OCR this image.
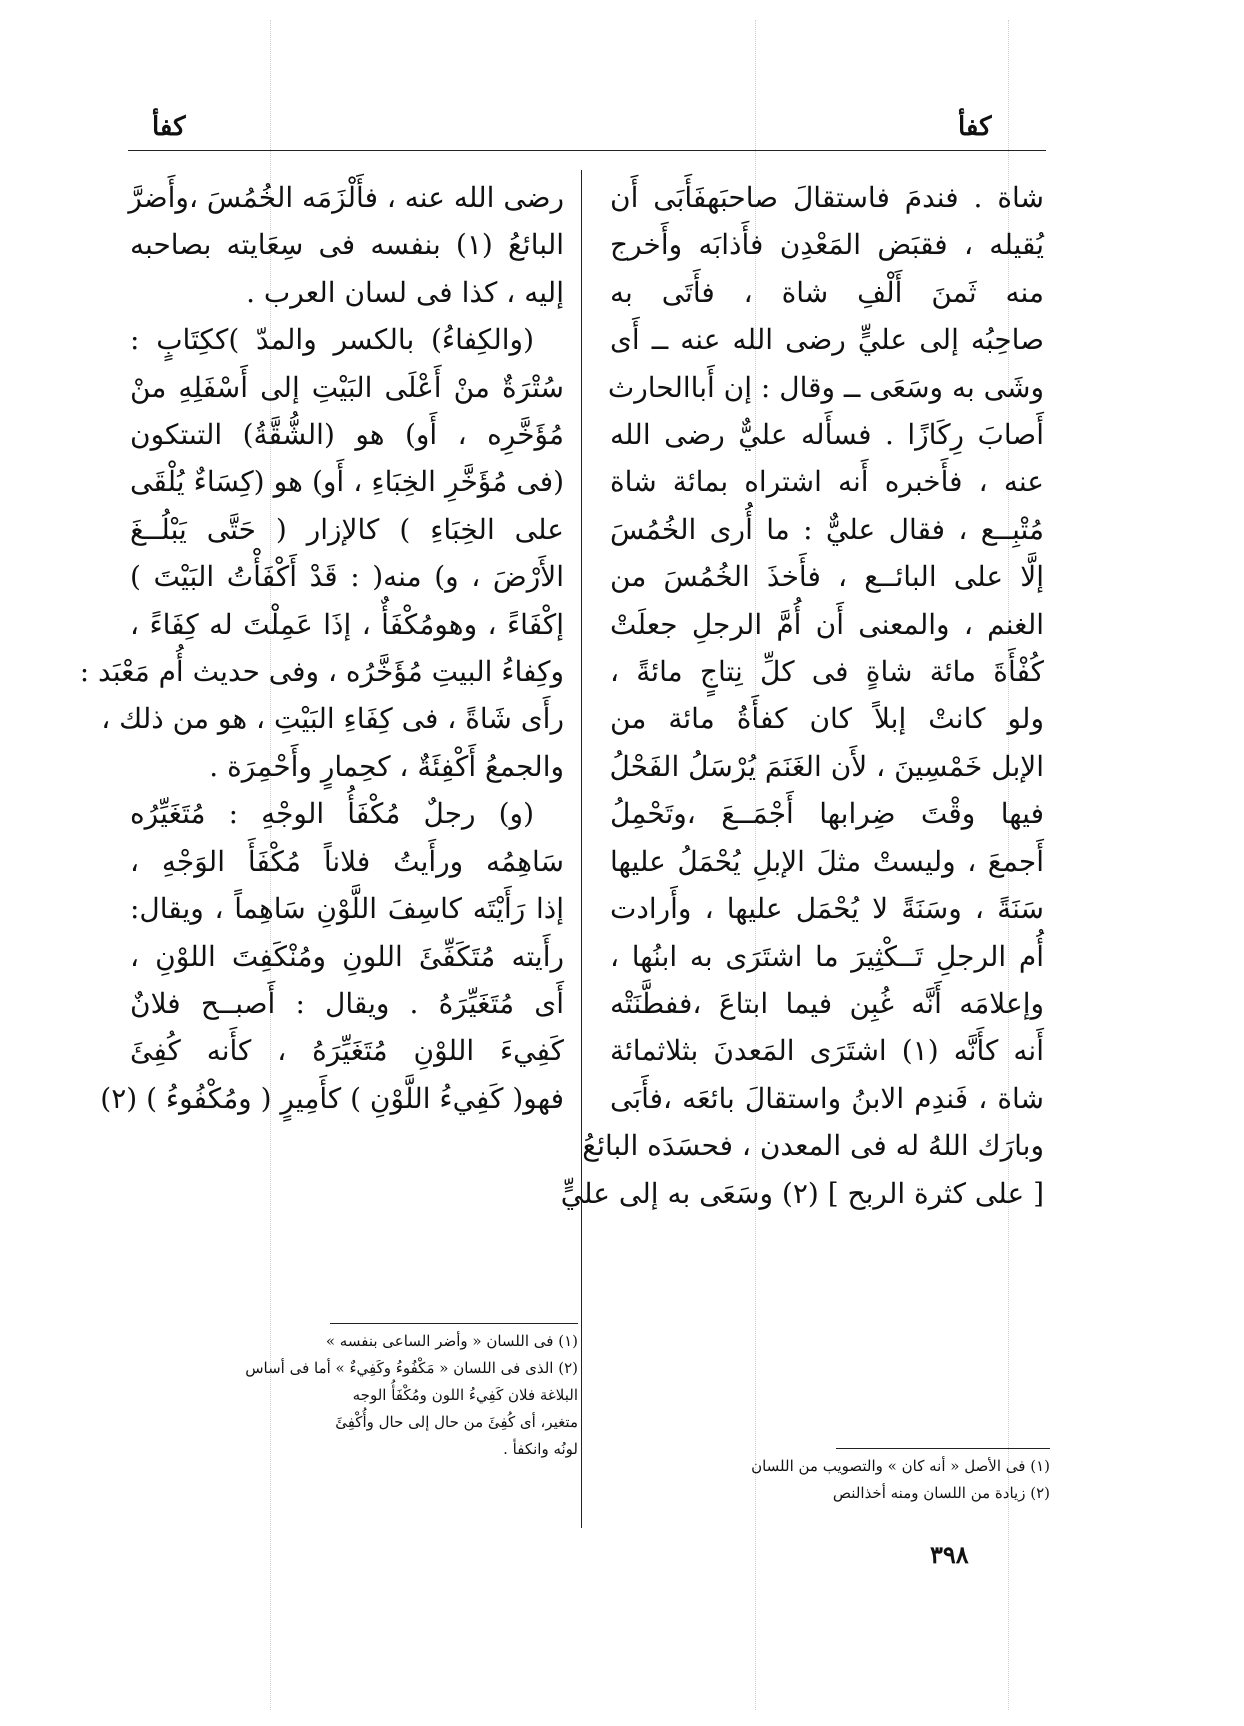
كفأ
كفأ
شاة . فندمَ فاستقالَ صاحبَهفَأَبَى أَن
يُقيله ، فقبَض المَعْدِن فأَذابَه وأَخرج
منه ثَمنَ أَلْفِ شاة ، فأَتَى به
صاحِبُه إلى عليٍّ رضى الله عنه ــ أَى
وشَى به وسَعَى ــ وقال : إن أَباالحارث
أَصابَ رِكَازًا . فسأَله عليٌّ رضى الله
عنه ، فأَخبره أَنه اشتراه بمائة شاة
مُتْبِــع ، فقال عليٌّ : ما أُرى الخُمُسَ
إلَّا على البائــع ، فأَخذَ الخُمُسَ من
الغنم ، والمعنى أَن أُمَّ الرجلِ جعلَتْ
كُفْأَةَ مائة شاةٍ فى كلِّ نِتاجٍ مائةً ،
ولو كانتْ إبلاً كان كفأَةُ مائة من
الإبل خَمْسِينَ ، لأَن الغَنَمَ يُرْسَلُ الفَحْلُ
فيها وقْتَ ضِرابها أَجْمَــعَ ،وتَحْمِلُ
أَجمعَ ، وليستْ مثلَ الإبلِ يُحْمَلُ عليها
سَنَةً ، وسَنَةً لا يُحْمَل عليها ، وأَرادت
أُم الرجلِ تَــكْثِيرَ ما اشتَرَى به ابنُها ،
وإعلامَه أَنَّه غُبِن فيما ابتاعَ ،ففطَّنَتْه
أَنه كأَنَّه (١) اشتَرَى المَعدنَ بثلاثمائة
شاة ، فَندِم الابنُ واستقالَ بائعَه ،فأَبَى
وبارَك اللهُ له فى المعدن ، فحسَدَه البائعُ
[ على كثرة الربح ] (٢) وسَعَى به إلى عليٍّ
(١) فى الأصل « أنه كان » والتصويب من اللسان
(٢) زيادة من اللسان ومنه أخذالنص
رضى الله عنه ، فأَلْزَمَه الخُمُسَ ،وأَضرَّ
البائعُ (١) بنفسه فى سِعَايته بصاحبه
إليه ، كذا فى لسان العرب .
(والكِفاءُ) بالكسر والمدّ )ككِتَابٍ :
سُتْرَةٌ منْ أَعْلَى البَيْتِ إلى أَسْفَلِهِ منْ
مُؤَخَّرِه ، أَو) هو (الشُّقَّةُ) التىتكون
(فى مُؤَخَّرِ الخِبَاءِ ، أَو) هو (كِسَاءٌ يُلْقَى
على الخِبَاءِ ) كالإزار ( حَتَّى يَبْلُــغَ
الأَرْضَ ، و) منه( : قَدْ أَكْفَأْتُ البَيْتَ )
إكْفَاءً ، وهومُكْفَأٌ ، إذَا عَمِلْتَ له كِفَاءً ،
وكِفاءُ البيتِ مُؤَخَّرُه ، وفى حديث أُم مَعْبَد :
رأَى شَاةً ، فى كِفَاءِ البَيْتِ ، هو من ذلك ،
والجمعُ أَكْفِئَةٌ ، كحِمارٍ وأَحْمِرَة .
(و) رجلٌ مُكْفَأُ الوجْهِ : مُتَغَيِّرُه
سَاهِمُه ورأَيتُ فلاناً مُكْفَأَ الوَجْهِ ،
إذا رَأَيْتَه كاسِفَ اللَّوْنِ سَاهِماً ، ويقال:
رأَيته مُتَكَفِّئَ اللونِ ومُنْكَفِتَ اللوْنِ ،
أَى مُتَغَيِّرَهُ . ويقال : أَصبــح فلانٌ
كَفِيءَ اللوْنِ مُتَغَيِّرَهُ ، كأَنه كُفِئَ
فهو( كَفِيءُ اللَّوْنِ ) كأَمِيرٍ ( ومُكْفُوءُ ) (٢)
(١) فى اللسان « وأضر الساعى بنفسه »
(٢) الذى فى اللسان « مَكْفُوءُ وكَفِيءٌ » أما فى أساس
البلاغة فلان كَفِيءُ اللون ومُكْفَأُ الوجه
متغير، أى كُفِئَ من حال إلى حال وأُكْفِئَ
لونُه وانكفأ .
٣٩٨
